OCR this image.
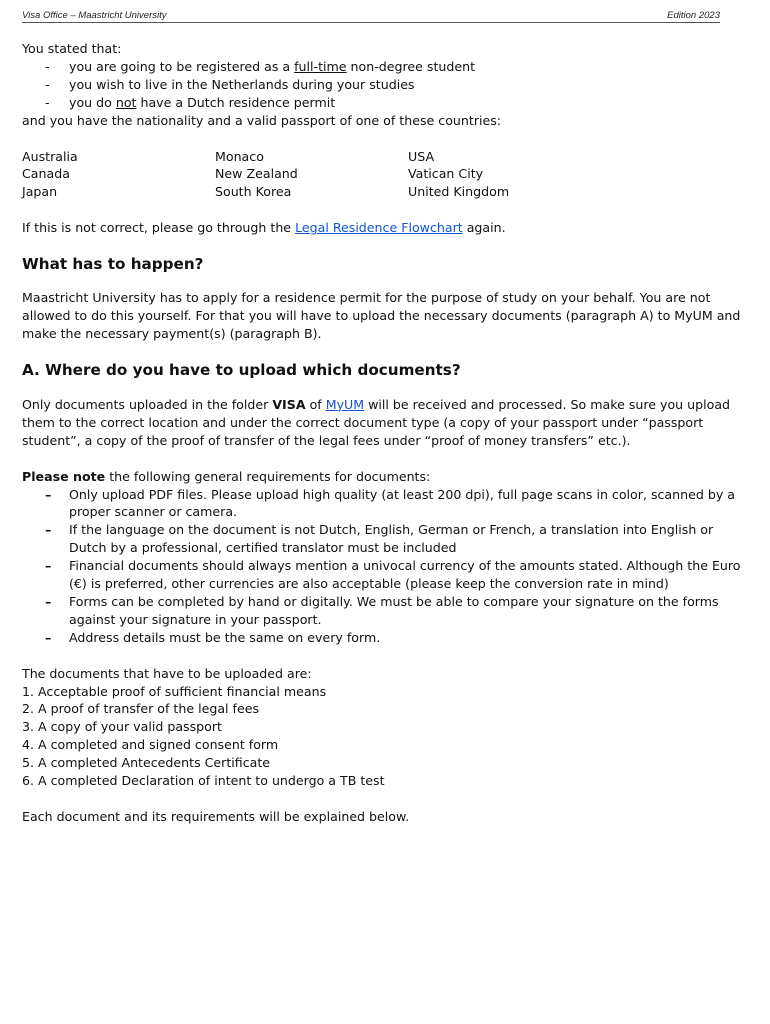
Visa Office – Maastricht University	Edition 2023

You stated that:

- you are going to be registered as a full-time non-degree student
- you wish to live in the Netherlands during your studies
- you do not have a Dutch residence permit

and you have the nationality and a valid passport of one of these countries:

Australia	Monaco	USA
Canada	New Zealand	Vatican City
Japan	South Korea	United Kingdom

If this is not correct, please go through the Legal Residence Flowchart again.

What has to happen?

Maastricht University has to apply for a residence permit for the purpose of study on your behalf. You are not allowed to do this yourself. For that you will have to upload the necessary documents (paragraph A) to MyUM and make the necessary payment(s) (paragraph B).

A. Where do you have to upload which documents?

Only documents uploaded in the folder VISA of MyUM will be received and processed. So make sure you upload them to the correct location and under the correct document type (a copy of your passport under “passport student”, a copy of the proof of transfer of the legal fees under “proof of money transfers” etc.).

Please note the following general requirements for documents:

– Only upload PDF files. Please upload high quality (at least 200 dpi), full page scans in color, scanned by a proper scanner or camera.
– If the language on the document is not Dutch, English, German or French, a translation into English or Dutch by a professional, certified translator must be included
– Financial documents should always mention a univocal currency of the amounts stated. Although the Euro (€) is preferred, other currencies are also acceptable (please keep the conversion rate in mind)
– Forms can be completed by hand or digitally. We must be able to compare your signature on the forms against your signature in your passport.
– Address details must be the same on every form.

The documents that have to be uploaded are:

1. Acceptable proof of sufficient financial means

2. A proof of transfer of the legal fees

3. A copy of your valid passport

4. A completed and signed consent form

5. A completed Antecedents Certificate

6. A completed Declaration of intent to undergo a TB test

Each document and its requirements will be explained below.
